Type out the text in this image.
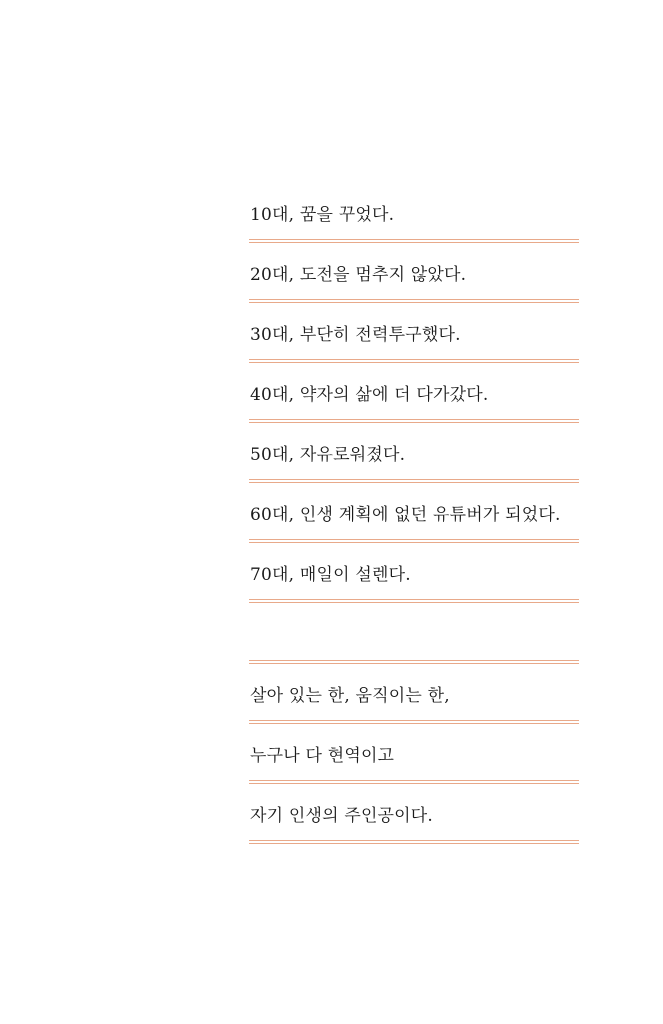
10대, 꿈을 꾸었다.
20대, 도전을 멈추지 않았다.
30대, 부단히 전력투구했다.
40대, 약자의 삶에 더 다가갔다.
50대, 자유로워졌다.
60대, 인생 계획에 없던 유튜버가 되었다.
70대, 매일이 설렌다.
살아 있는 한, 움직이는 한,
누구나 다 현역이고
자기 인생의 주인공이다.
